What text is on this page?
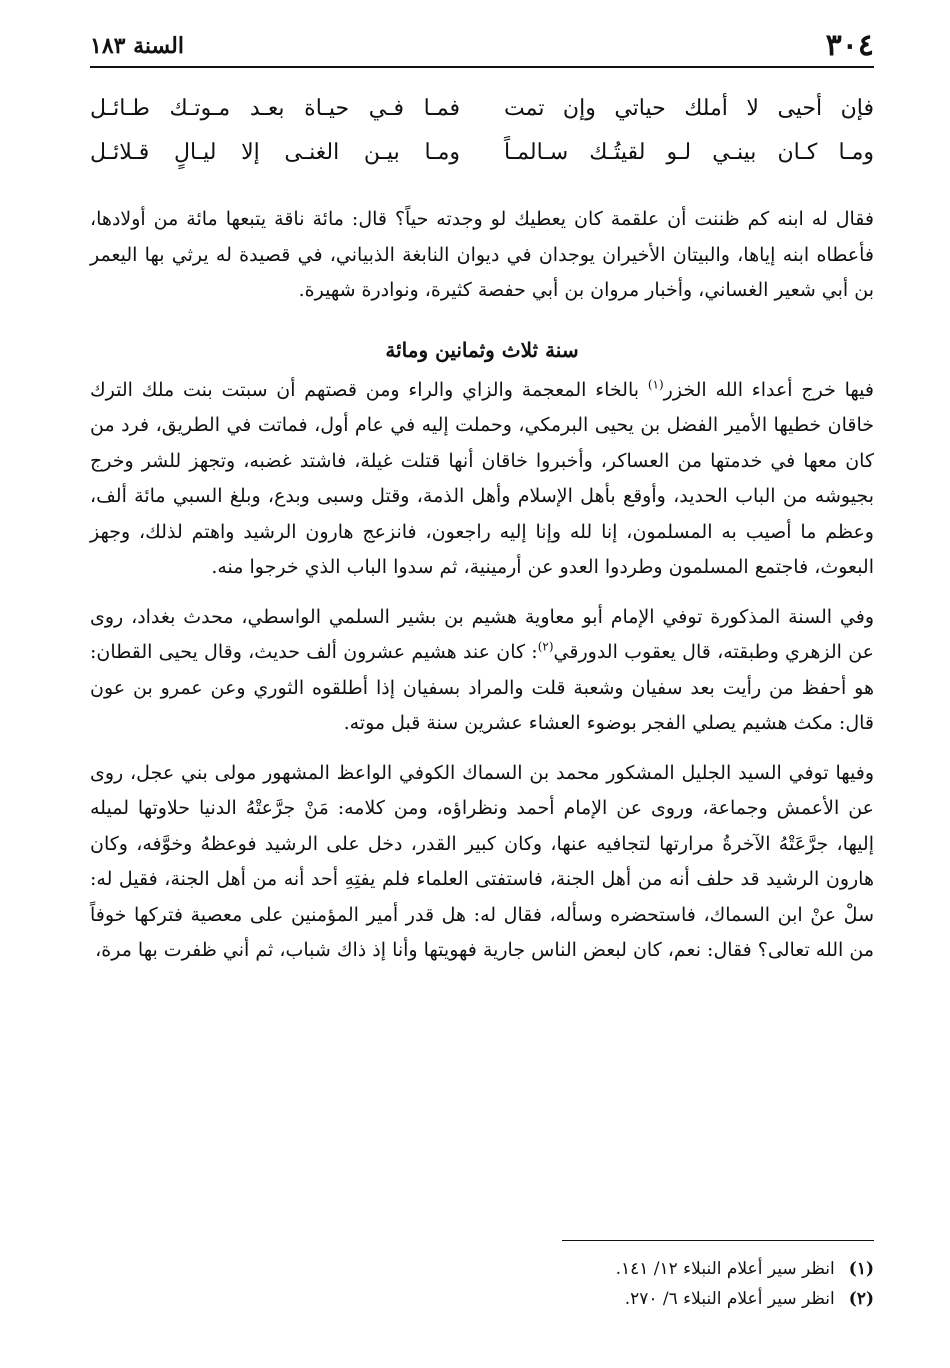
٣٠٤
السنة ١٨٣
فإن أحيى لا أملك حياتي وإن تمت
فمـا فـي حيـاة بعـد مـوتـك طـائـل
ومـا كـان بينـي لـو لقيتُـك سـالمـاً
ومـا بيـن الغنـى إلا ليـالٍ قـلائـل

فقال له ابنه كم ظننت أن علقمة كان يعطيك لو وجدته حياً؟ قال: مائة ناقة يتبعها مائة من أولادها، فأعطاه ابنه إياها، والبيتان الأخيران يوجدان في ديوان النابغة الذبياني، في قصيدة له يرثي بها اليعمر بن أبي شعير الغساني، وأخبار مروان بن أبي حفصة كثيرة، ونوادرة شهيرة.

سنة ثلاث وثمانين ومائة

فيها خرج أعداء الله الخزر$^{(١)}$ بالخاء المعجمة والزاي والراء ومن قصتهم أن سبتت بنت ملك الترك خاقان خطيها الأمير الفضل بن يحيى البرمكي، وحملت إليه في عام أول، فماتت في الطريق، فرد من كان معها في خدمتها من العساكر، وأخبروا خاقان أنها قتلت غيلة، فاشتد غضبه، وتجهز للشر وخرج بجيوشه من الباب الحديد، وأوقع بأهل الإسلام وأهل الذمة، وقتل وسبى وبدع، وبلغ السبي مائة ألف، وعظم ما أصيب به المسلمون، إنا لله وإنا إليه راجعون، فانزعج هارون الرشيد واهتم لذلك، وجهز البعوث، فاجتمع المسلمون وطردوا العدو عن أرمينية، ثم سدوا الباب الذي خرجوا منه.

وفي السنة المذكورة توفي الإمام أبو معاوية هشيم بن بشير السلمي الواسطي، محدث بغداد، روى عن الزهري وطبقته، قال يعقوب الدورقي$^{(٢)}$: كان عند هشيم عشرون ألف حديث، وقال يحيى القطان: هو أحفظ من رأيت بعد سفيان وشعبة قلت والمراد بسفيان إذا أطلقوه الثوري وعن عمرو بن عون قال: مكث هشيم يصلي الفجر بوضوء العشاء عشرين سنة قبل موته.

وفيها توفي السيد الجليل المشكور محمد بن السماك الكوفي الواعظ المشهور مولى بني عجل، روى عن الأعمش وجماعة، وروى عن الإمام أحمد ونظراؤه، ومن كلامه: مَنْ جرَّعتْهُ الدنيا حلاوتها لميله إليها، جرَّعَتْهُ الآخرةُ مرارتها لتجافيه عنها، وكان كبير القدر، دخل على الرشيد فوعظهُ وخوَّفه، وكان هارون الرشيد قد حلف أنه من أهل الجنة، فاستفتى العلماء فلم يفتِهِ أحد أنه من أهل الجنة، فقيل له: سلْ عنْ ابن السماك، فاستحضره وسأله، فقال له: هل قدر أمير المؤمنين على معصية فتركها خوفاً من الله تعالى؟ فقال: نعم، كان لبعض الناس جارية فهويتها وأنا إذ ذاك شباب، ثم أني ظفرت بها مرة،

(١)
انظر سير أعلام النبلاء ١٢/ ١٤١.
(٢)
انظر سير أعلام النبلاء ٦/ ٢٧٠.
